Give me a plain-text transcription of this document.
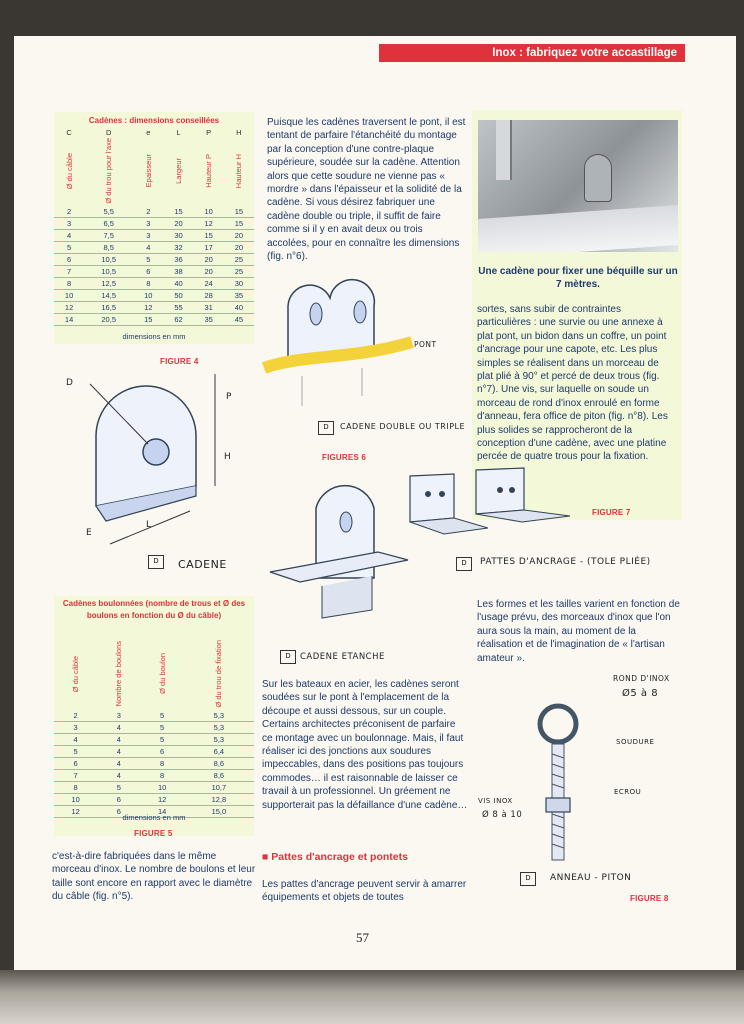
Inox : fabriquez votre accastillage
Cadènes : dimensions conseillées
C	D	e	L	P	H
Ø du câble	Ø du trou pour l'axe	Epaisseur	Largeur	Hauteur P	Hauteur H
2	5,5	2	15	10	15
3	6,5	3	20	12	15
4	7,5	3	30	15	20
5	8,5	4	32	17	20
6	10,5	5	36	20	25
7	10,5	6	38	20	25
8	12,5	8	40	24	30
10	14,5	10	50	28	35
12	16,5	12	55	31	40
14	20,5	15	62	35	45
dimensions en mm
FIGURE 4
D
P
H
L
E
CADENE
D
Cadènes boulonnées (nombre de trous et Ø des boulons en fonction du Ø du câble)
Ø du câble	Nombre de boulons	Ø du boulon	Ø du trou de fixation
2	3	5	5,3
3	4	5	5,3
4	4	5	5,3
5	4	6	6,4
6	4	8	8,6
7	4	8	8,6
8	5	10	10,7
10	6	12	12,8
12	6	14	15,0
dimensions en mm
FIGURE 5
c'est-à-dire fabriquées dans le même morceau d'inox. Le nombre de boulons et leur taille sont encore en rapport avec le diamètre du câble (fig. n°5).
Puisque les cadènes traversent le pont, il est tentant de parfaire l'étanchéité du montage par la conception d'une contre-plaque supérieure, soudée sur la cadène. Attention alors que cette soudure ne vienne pas « mordre » dans l'épaisseur et la solidité de la cadène. Si vous désirez fabriquer une cadène double ou triple, il suffit de faire comme si il y en avait deux ou trois accolées, pour en connaître les dimensions (fig. n°6).
PONT
CADENE DOUBLE OU TRIPLE
D
FIGURES 6
D	CADENE ETANCHE
Sur les bateaux en acier, les cadènes seront soudées sur le pont à l'emplacement de la découpe et aussi dessous, sur un couple. Certains architectes préconisent de parfaire ce montage avec un boulonnage. Mais, il faut réaliser ici des jonctions aux soudures impeccables, dans des positions pas toujours commodes… il est raisonnable de laisser ce travail à un professionnel. Un gréement ne supporterait pas la défaillance d'une cadène…
■ Pattes d'ancrage et pontets
Les pattes d'ancrage peuvent servir à amarrer équipements et objets de toutes
Une cadène pour fixer une béquille sur un 7 mètres.
sortes, sans subir de contraintes particulières : une survie ou une annexe à plat pont, un bidon dans un coffre, un point d'ancrage pour une capote, etc. Les plus simples se réalisent dans un morceau de plat plié à 90° et percé de deux trous (fig. n°7). Une vis, sur laquelle on soude un morceau de rond d'inox enroulé en forme d'anneau, fera office de piton (fig. n°8). Les plus solides se rapprocheront de la conception d'une cadène, avec une platine percée de quatre trous pour la fixation.
FIGURE 7
D	PATTES D'ANCRAGE - (TOLE PLIÉE)
Les formes et les tailles varient en fonction de l'usage prévu, des morceaux d'inox que l'on aura sous la main, au moment de la réalisation et de l'imagination de « l'artisan amateur ».
ROND D'INOX
Ø5 à 8
SOUDURE
ECROU
VIS INOX
Ø 8 à 10
D	ANNEAU - PITON
FIGURE 8
57
